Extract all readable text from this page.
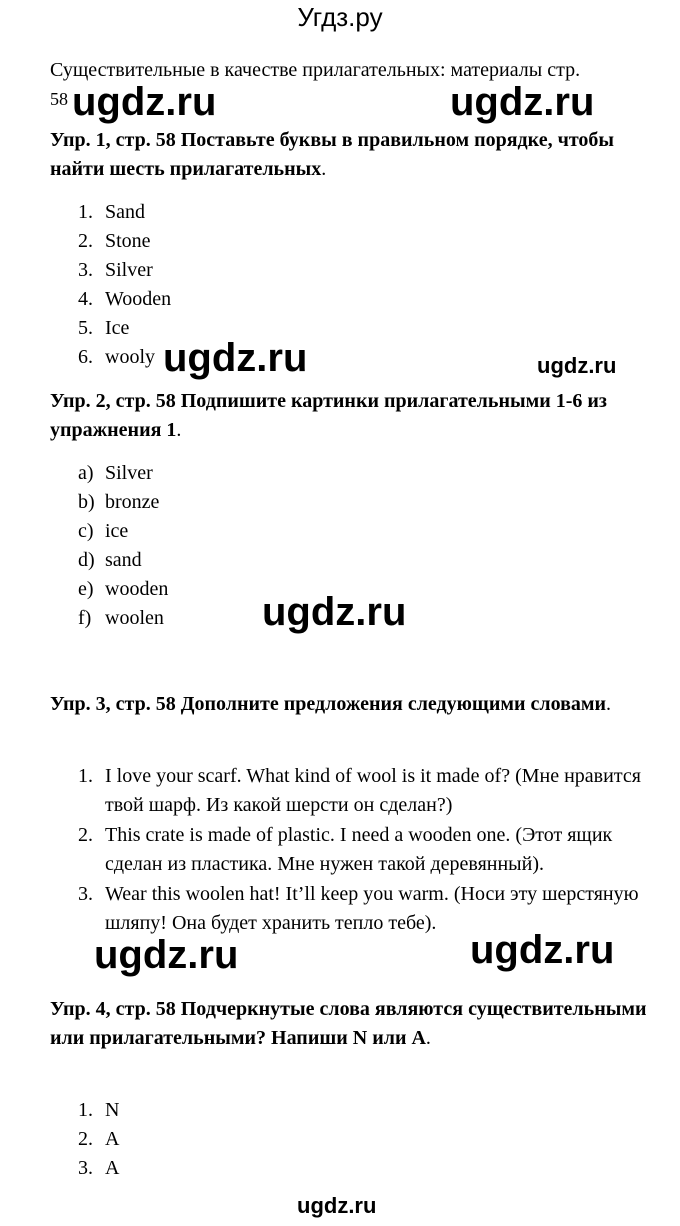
Угдз.ру
Существительные в качестве прилагательных: материалы стр.
58 ugdz.ru	ugdz.ru
Упр. 1, стр. 58 Поставьте буквы в правильном порядке, чтобы найти шесть прилагательных.
1. Sand
2. Stone
3. Silver
4. Wooden
5. Ice
6. wooly ugdz.ru	ugdz.ru
Упр. 2, стр. 58 Подпишите картинки прилагательными 1-6 из упражнения 1.
a) Silver
b) bronze
c) ice
d) sand
e) wooden
f) woolen	ugdz.ru
Упр. 3, стр. 58 Дополните предложения следующими словами.
1. I love your scarf. What kind of wool is it made of? (Мне нравится твой шарф. Из какой шерсти он сделан?)
2. This crate is made of plastic. I need a wooden one. (Этот ящик сделан из пластика. Мне нужен такой деревянный).
3. Wear this woolen hat! It’ll keep you warm. (Носи эту шерстяную шляпу! Она будет хранить тепло тебе).
ugdz.ru	ugdz.ru
Упр. 4, стр. 58 Подчеркнутые слова являются существительными или прилагательными? Напиши N или A.
1. N
2. A
3. A
ugdz.ru
